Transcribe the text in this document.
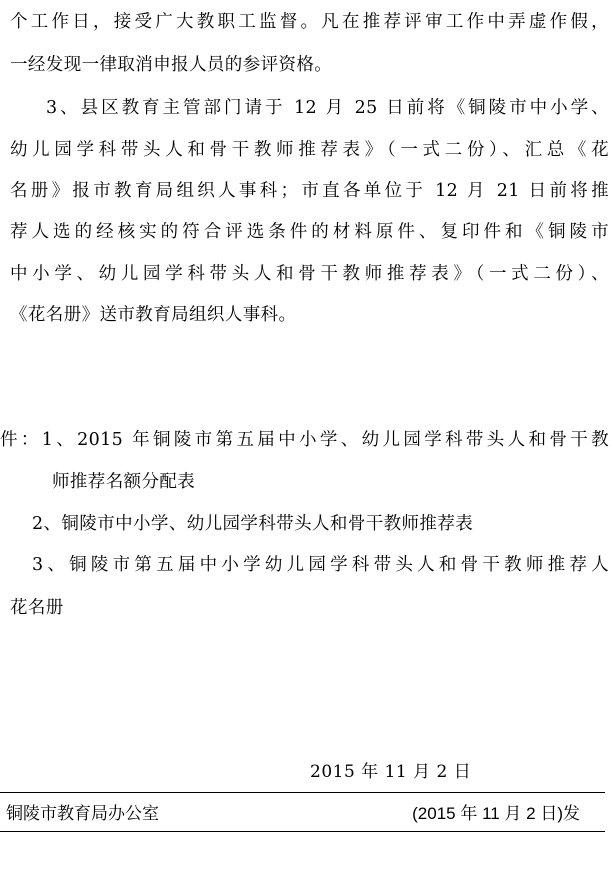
个工作日，接受广大教职工监督。凡在推荐评审工作中弄虚作假，
一经发现一律取消申报人员的参评资格。
3、县区教育主管部门请于 12 月 25 日前将《铜陵市中小学、
幼儿园学科带头人和骨干教师推荐表》（一式二份）、汇总《花
名册》报市教育局组织人事科；市直各单位于 12 月 21 日前将推
荐人选的经核实的符合评选条件的材料原件、复印件和《铜陵市
中小学、幼儿园学科带头人和骨干教师推荐表》（一式二份）、
《花名册》送市教育局组织人事科。
件：1、2015 年铜陵市第五届中小学、幼儿园学科带头人和骨干教
师推荐名额分配表
2、铜陵市中小学、幼儿园学科带头人和骨干教师推荐表
3、铜陵市第五届中小学幼儿园学科带头人和骨干教师推荐人
花名册
2015 年 11 月 2 日
铜陵市教育局办公室	(2015 年 11 月 2 日)发
